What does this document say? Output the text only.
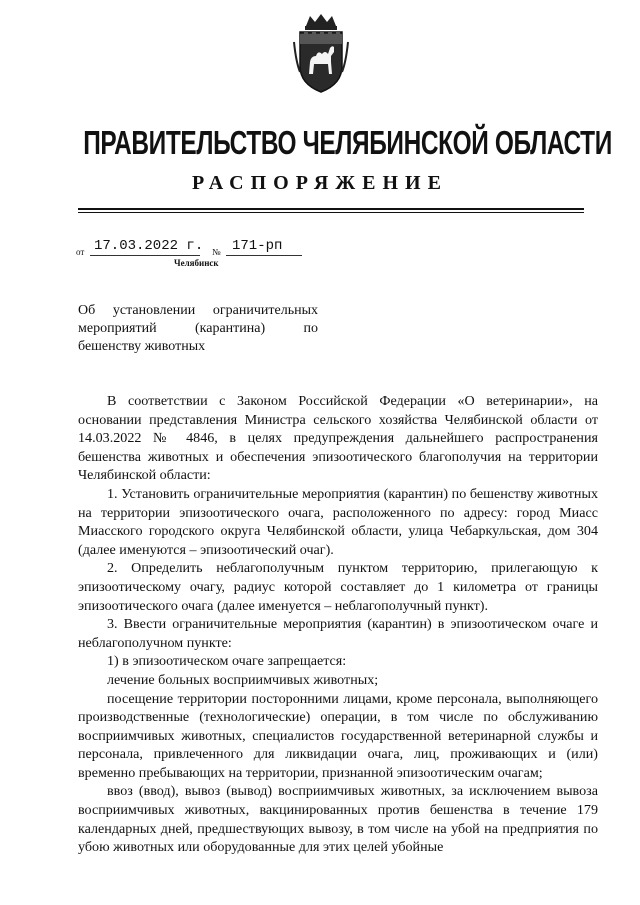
ПРАВИТЕЛЬСТВО ЧЕЛЯБИНСКОЙ ОБЛАСТИ
РАСПОРЯЖЕНИЕ
от 17.03.2022 г. № 171-рп
Челябинск
Об установлении ограничительных
мероприятий (карантина) по
бешенству животных

В соответствии с Законом Российской Федерации «О ветеринарии», на основании представления Министра сельского хозяйства Челябинской области от 14.03.2022 № 4846, в целях предупреждения дальнейшего распространения бешенства животных и обеспечения эпизоотического благополучия на территории Челябинской области:

1. Установить ограничительные мероприятия (карантин) по бешенству животных на территории эпизоотического очага, расположенного по адресу: город Миасс Миасского городского округа Челябинской области, улица Чебаркульская, дом 304 (далее именуются – эпизоотический очаг).

2. Определить неблагополучным пунктом территорию, прилегающую к эпизоотическому очагу, радиус которой составляет до 1 километра от границы эпизоотического очага (далее именуется – неблагополучный пункт).

3. Ввести ограничительные мероприятия (карантин) в эпизоотическом очаге и неблагополучном пункте:

1) в эпизоотическом очаге запрещается:

лечение больных восприимчивых животных;

посещение территории посторонними лицами, кроме персонала, выполняющего производственные (технологические) операции, в том числе по обслуживанию восприимчивых животных, специалистов государственной ветеринарной службы и персонала, привлеченного для ликвидации очага, лиц, проживающих и (или) временно пребывающих на территории, признанной эпизоотическим очагам;

ввоз (ввод), вывоз (вывод) восприимчивых животных, за исключением вывоза восприимчивых животных, вакцинированных против бешенства в течение 179 календарных дней, предшествующих вывозу, в том числе на убой на предприятия по убою животных или оборудованные для этих целей убойные
